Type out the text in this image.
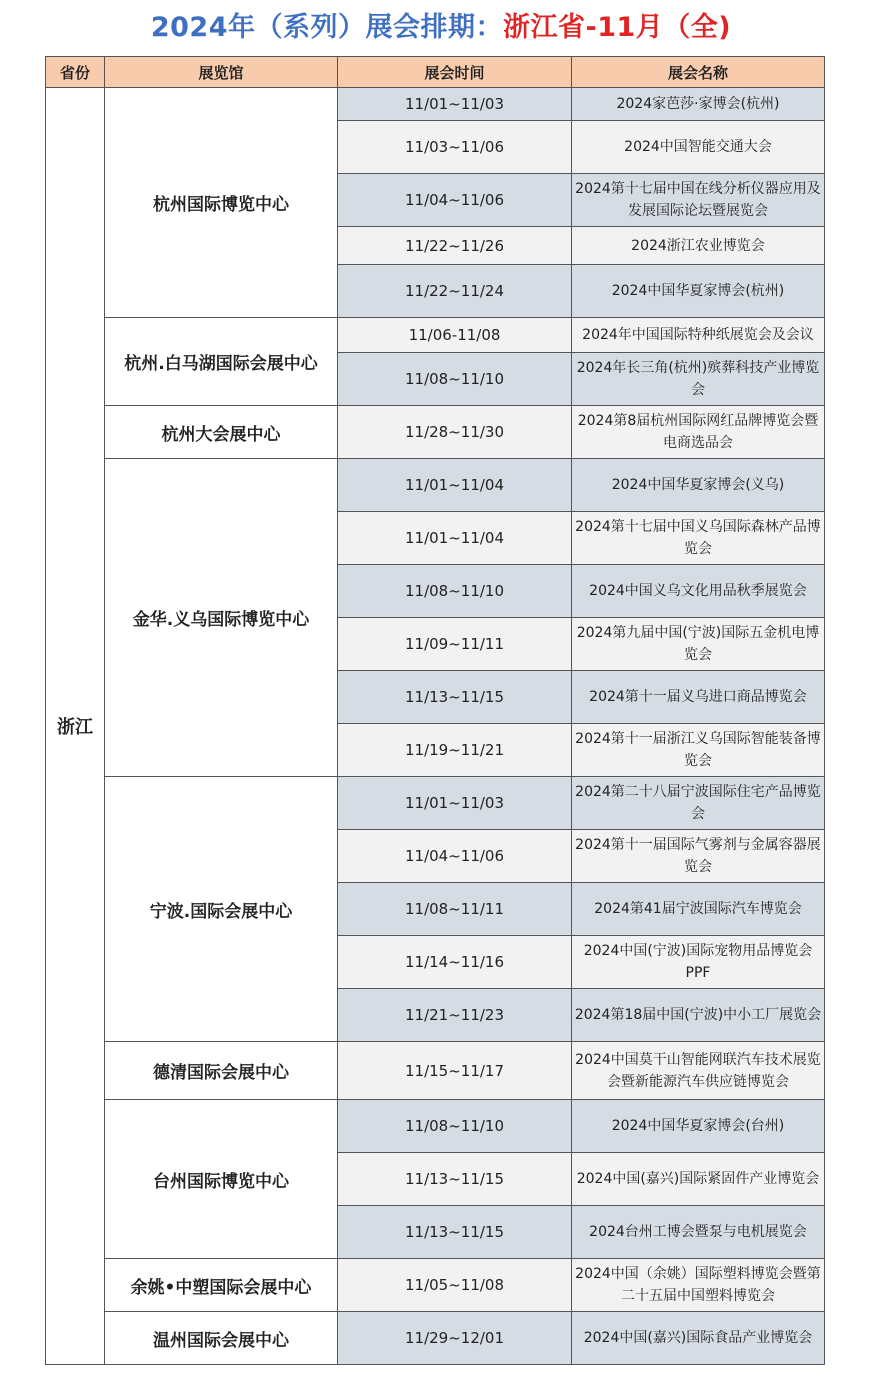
2024年（系列）展会排期：浙江省-11月（全)
省份	展览馆	展会时间	展会名称
浙江	杭州国际博览中心	11/01~11/03	2024家芭莎·家博会(杭州)
		11/03~11/06	2024中国智能交通大会
		11/04~11/06	2024第十七届中国在线分析仪器应用及发展国际论坛暨展览会
		11/22~11/26	2024浙江农业博览会
		11/22~11/24	2024中国华夏家博会(杭州)
	杭州.白马湖国际会展中心	11/06-11/08	2024年中国国际特种纸展览会及会议
		11/08~11/10	2024年长三角(杭州)殡葬科技产业博览会
	杭州大会展中心	11/28~11/30	2024第8届杭州国际网红品牌博览会暨电商选品会
	金华.义乌国际博览中心	11/01~11/04	2024中国华夏家博会(义乌)
		11/01~11/04	2024第十七届中国义乌国际森林产品博览会
		11/08~11/10	2024中国义乌文化用品秋季展览会
		11/09~11/11	2024第九届中国(宁波)国际五金机电博览会
		11/13~11/15	2024第十一届义乌进口商品博览会
		11/19~11/21	2024第十一届浙江义乌国际智能装备博览会
	宁波.国际会展中心	11/01~11/03	2024第二十八届宁波国际住宅产品博览会
		11/04~11/06	2024第十一届国际气雾剂与金属容器展览会
		11/08~11/11	2024第41届宁波国际汽车博览会
		11/14~11/16	2024中国(宁波)国际宠物用品博览会PPF
		11/21~11/23	2024第18届中国(宁波)中小工厂展览会
	德清国际会展中心	11/15~11/17	2024中国莫干山智能网联汽车技术展览会暨新能源汽车供应链博览会
	台州国际博览中心	11/08~11/10	2024中国华夏家博会(台州)
		11/13~11/15	2024中国(嘉兴)国际紧固件产业博览会
		11/13~11/15	2024台州工博会暨泵与电机展览会
	余姚•中塑国际会展中心	11/05~11/08	2024中国（余姚）国际塑料博览会暨第二十五届中国塑料博览会
	温州国际会展中心	11/29~12/01	2024中国(嘉兴)国际食品产业博览会
